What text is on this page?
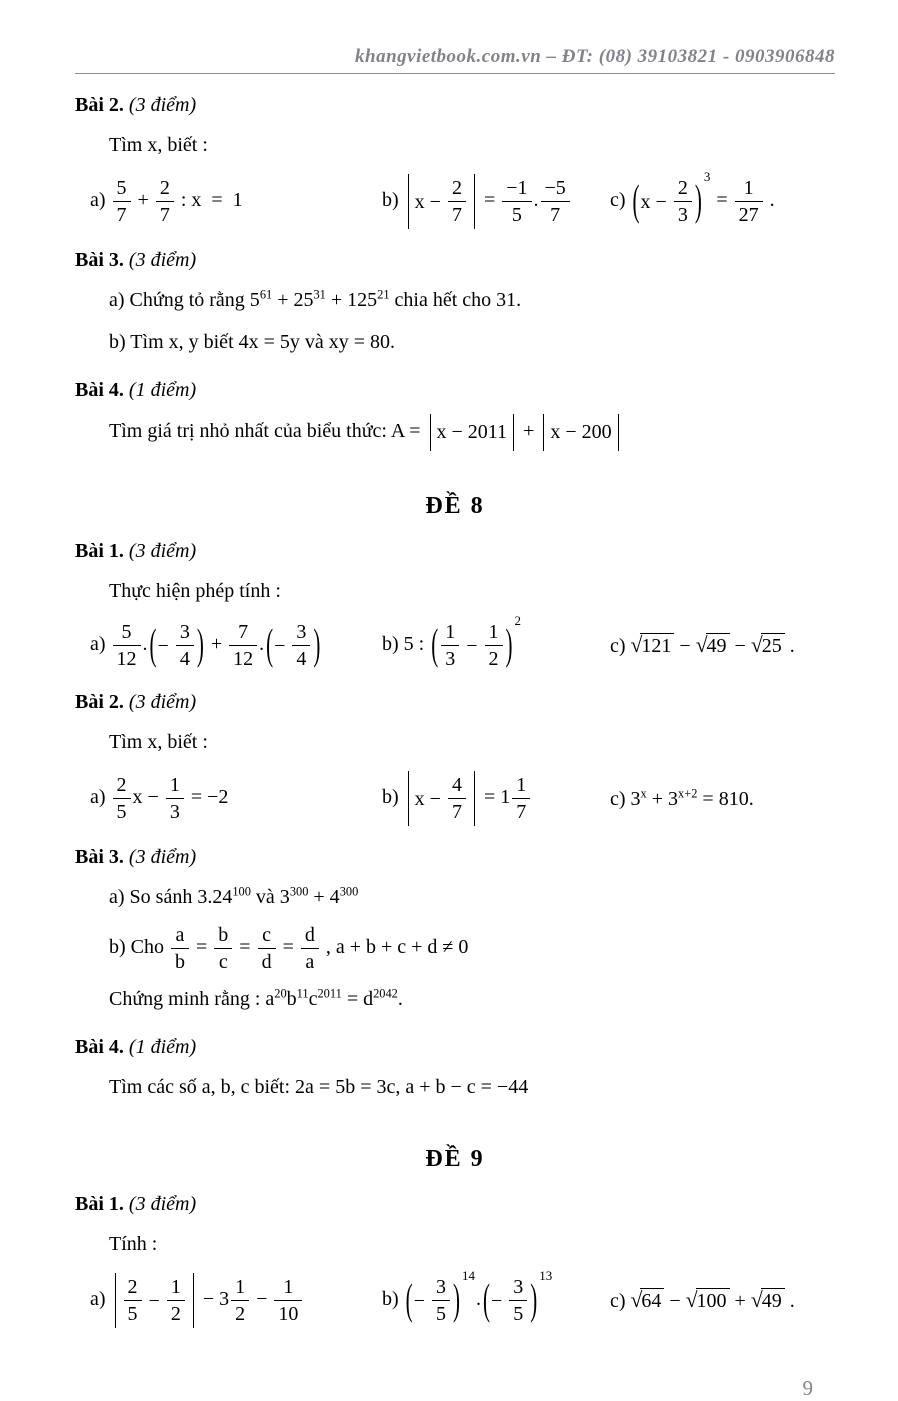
khangvietbook.com.vn – ĐT: (08) 39103821 - 0903906848
Bài 2. (3 điểm)
Tìm x, biết :
$a) \frac{5}{7} + \frac{2}{7}$ : x  =  1	b) $x - \frac{2}{7} = \frac{-1}{5}$ . $\frac{-5}{7} c$) ( $x - \frac{2}{3}$ ) 3
= $\frac{1}{27}$ .
Bài 3. (3 điểm)
a) Chứng tỏ rằng $5^{61} + 25^{31} + 125^{21}$ chia hết cho 31.
b) Tìm x, y biết 4x = 5y và xy = 80.
Bài 4. (1 điểm)
Tìm giá trị nhỏ nhất của biểu thức: A = x − 2011 + x − 200
ĐỀ 8
Bài 1. (3 điểm)
Thực hiện phép tính :
$a) \frac{5}{12}$ . ( − $\frac{3}{4}$ ) + $\frac{7}{12}$ . ( − $\frac{3}{4}$ )	b) 5 : ( $\frac{1}{3} - \frac{1}{2}$ ) 2
c) √121 − √49 − √25 .
Bài 2. (3 điểm)
Tìm x, biết :
$a) \frac{2}{5}$ $x - \frac{1}{3} = -2$	b) $x - \frac{4}{7} = 1 \frac{1}{7}$	c) $3^x + 3^{x+2} = 810$.
Bài 3. (3 điểm)
a) So sánh 3.24$^{100}$ và $3^{300} + 4^{300}$
b) Cho $\frac{a}{b} = \frac{b}{c} = \frac{c}{d} = \frac{d}{a}$ , a + b + c + d ≠ 0
Chứng minh rằng : $a^{20}b^{11}c^{2011} = d^{2042}$.
Bài 4. (1 điểm)
Tìm các số a, b, c biết: 2a = 5b = 3c, a + b − c = −44
ĐỀ 9
Bài 1. (3 điểm)
Tính :
$a) \frac{2}{5} - \frac{1}{2} - 3 \frac{1}{2} - \frac{1}{10}$	b) ( − $\frac{3}{5}$ ) 14
. ( − $\frac{3}{5}$ ) 13
c) √64 − √100 + √49 .
9
